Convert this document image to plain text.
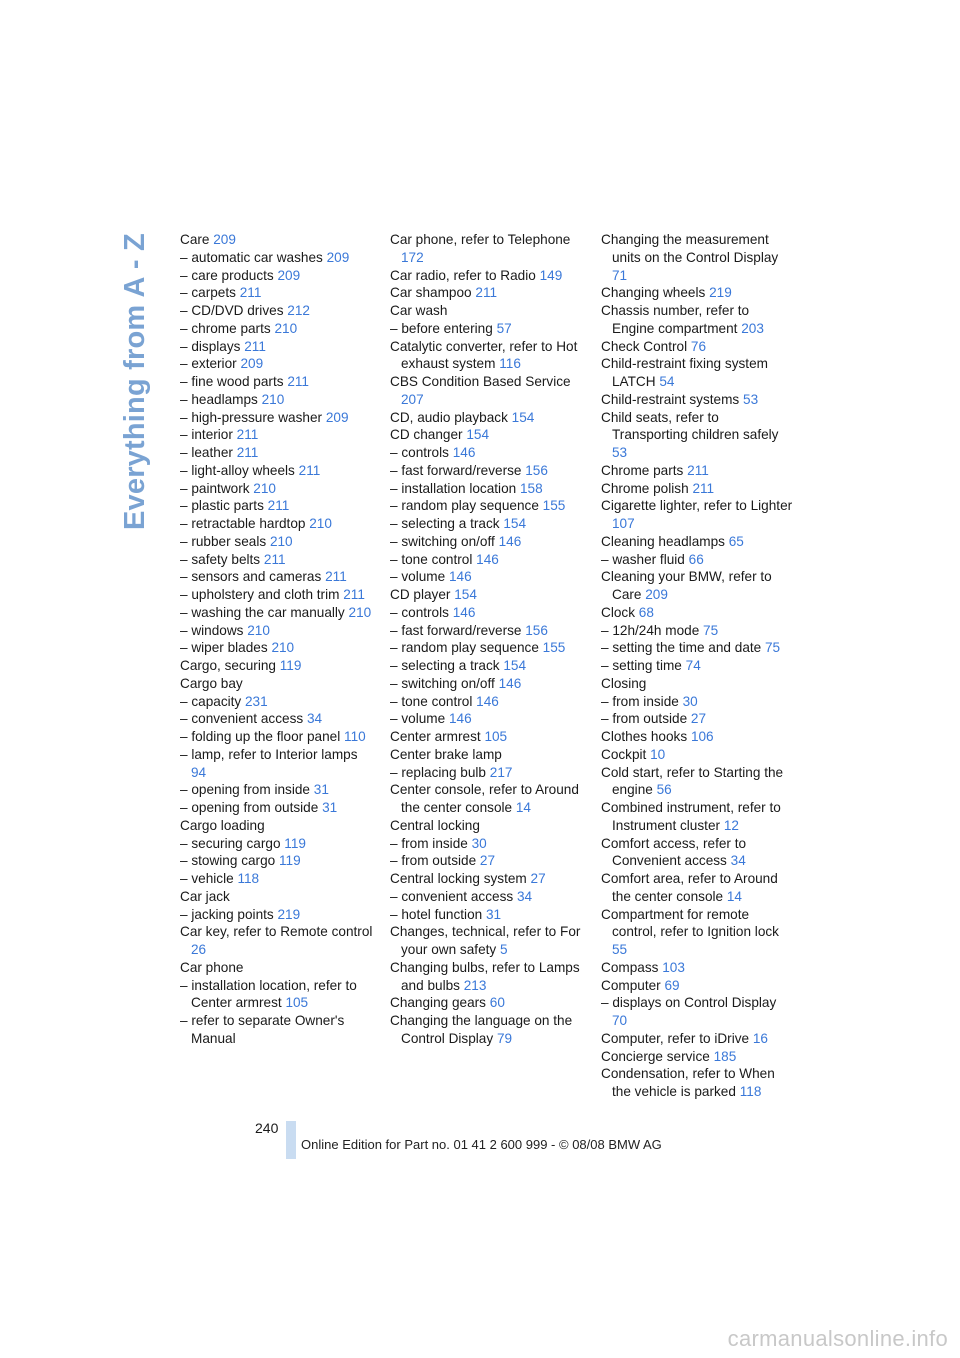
Everything from A - Z	Care 209
– automatic car washes 209
– care products 209
– carpets 211
– CD/DVD drives 212
– chrome parts 210
– displays 211
– exterior 209
– fine wood parts 211
– headlamps 210
– high-pressure washer 209
– interior 211
– leather 211
– light-alloy wheels 211
– paintwork 210
– plastic parts 211
– retractable hardtop 210
– rubber seals 210
– safety belts 211
– sensors and cameras 211
– upholstery and cloth trim 211
– washing the car manually 210
– windows 210
– wiper blades 210
Cargo, securing 119
Cargo bay
– capacity 231
– convenient access 34
– folding up the floor panel 110
– lamp, refer to Interior lamps 94
– opening from inside 31
– opening from outside 31
Cargo loading
– securing cargo 119
– stowing cargo 119
– vehicle 118
Car jack
– jacking points 219
Car key, refer to Remote control 26
Car phone
– installation location, refer to Center armrest 105
– refer to separate Owner's Manual
Car phone, refer to Telephone 172
Car radio, refer to Radio 149
Car shampoo 211
Car wash
– before entering 57
Catalytic converter, refer to Hot exhaust system 116
CBS Condition Based Service 207
CD, audio playback 154
CD changer 154
– controls 146
– fast forward/reverse 156
– installation location 158
– random play sequence 155
– selecting a track 154
– switching on/off 146
– tone control 146
– volume 146
CD player 154
– controls 146
– fast forward/reverse 156
– random play sequence 155
– selecting a track 154
– switching on/off 146
– tone control 146
– volume 146
Center armrest 105
Center brake lamp
– replacing bulb 217
Center console, refer to Around the center console 14
Central locking
– from inside 30
– from outside 27
Central locking system 27
– convenient access 34
– hotel function 31
Changes, technical, refer to For your own safety 5
Changing bulbs, refer to Lamps and bulbs 213
Changing gears 60
Changing the language on the Control Display 79
Changing the measurement units on the Control Display 71
Changing wheels 219
Chassis number, refer to Engine compartment 203
Check Control 76
Child-restraint fixing system LATCH 54
Child-restraint systems 53
Child seats, refer to Transporting children safely 53
Chrome parts 211
Chrome polish 211
Cigarette lighter, refer to Lighter 107
Cleaning headlamps 65
– washer fluid 66
Cleaning your BMW, refer to Care 209
Clock 68
– 12h/24h mode 75
– setting the time and date 75
– setting time 74
Closing
– from inside 30
– from outside 27
Clothes hooks 106
Cockpit 10
Cold start, refer to Starting the engine 56
Combined instrument, refer to Instrument cluster 12
Comfort access, refer to Convenient access 34
Comfort area, refer to Around the center console 14
Compartment for remote control, refer to Ignition lock 55
Compass 103
Computer 69
– displays on Control Display 70
Computer, refer to iDrive 16
Concierge service 185
Condensation, refer to When the vehicle is parked 118
240
Online Edition for Part no. 01 41 2 600 999 - © 08/08 BMW AG
carmanualsonline.info
